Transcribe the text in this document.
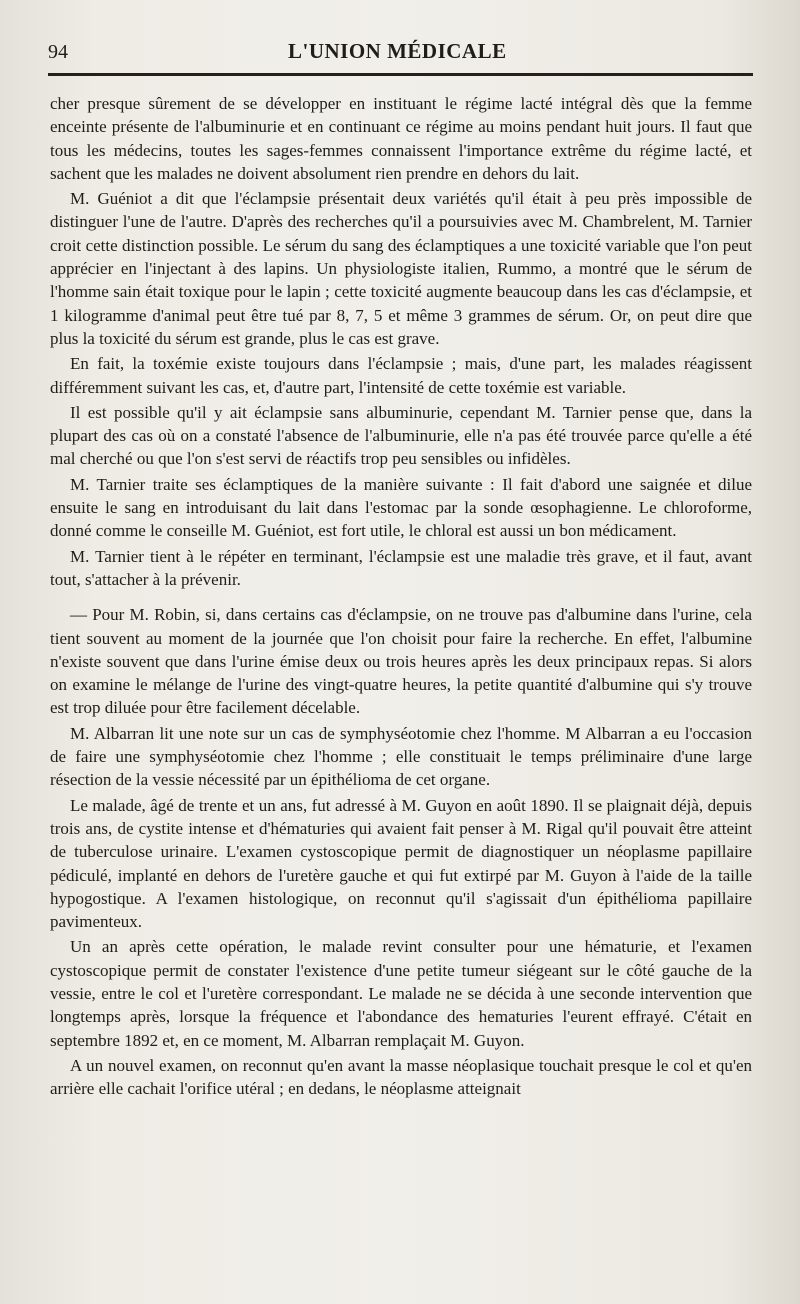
94	L'UNION MÉDICALE

cher presque sûrement de se développer en instituant le régime lacté intégral dès que la femme enceinte présente de l'albuminurie et en continuant ce régime au moins pendant huit jours. Il faut que tous les médecins, toutes les sages-femmes connaissent l'importance extrême du régime lacté, et sachent que les malades ne doivent absolument rien prendre en dehors du lait.

M. Guéniot a dit que l'éclampsie présentait deux variétés qu'il était à peu près impossible de distinguer l'une de l'autre. D'après des recherches qu'il a poursuivies avec M. Chambrelent, M. Tarnier croit cette distinction possible. Le sérum du sang des éclamptiques a une toxicité variable que l'on peut apprécier en l'injectant à des lapins. Un physiologiste italien, Rummo, a montré que le sérum de l'homme sain était toxique pour le lapin ; cette toxicité augmente beaucoup dans les cas d'éclampsie, et 1 kilogramme d'animal peut être tué par 8, 7, 5 et même 3 grammes de sérum. Or, on peut dire que plus la toxicité du sérum est grande, plus le cas est grave.

En fait, la toxémie existe toujours dans l'éclampsie ; mais, d'une part, les malades réagissent différemment suivant les cas, et, d'autre part, l'intensité de cette toxémie est variable.

Il est possible qu'il y ait éclampsie sans albuminurie, cependant M. Tarnier pense que, dans la plupart des cas où on a constaté l'absence de l'albuminurie, elle n'a pas été trouvée parce qu'elle a été mal cherché ou que l'on s'est servi de réactifs trop peu sensibles ou infidèles.

M. Tarnier traite ses éclamptiques de la manière suivante : Il fait d'abord une saignée et dilue ensuite le sang en introduisant du lait dans l'estomac par la sonde œsophagienne. Le chloroforme, donné comme le conseille M. Guéniot, est fort utile, le chloral est aussi un bon médicament.

M. Tarnier tient à le répéter en terminant, l'éclampsie est une maladie très grave, et il faut, avant tout, s'attacher à la prévenir.

— Pour M. Robin, si, dans certains cas d'éclampsie, on ne trouve pas d'albumine dans l'urine, cela tient souvent au moment de la journée que l'on choisit pour faire la recherche. En effet, l'albumine n'existe souvent que dans l'urine émise deux ou trois heures après les deux principaux repas. Si alors on examine le mélange de l'urine des vingt-quatre heures, la petite quantité d'albumine qui s'y trouve est trop diluée pour être facilement décelable.

M. Albarran lit une note sur un cas de symphyséotomie chez l'homme. M Albarran a eu l'occasion de faire une symphyséotomie chez l'homme ; elle constituait le temps préliminaire d'une large résection de la vessie nécessité par un épithélioma de cet organe.

Le malade, âgé de trente et un ans, fut adressé à M. Guyon en août 1890. Il se plaignait déjà, depuis trois ans, de cystite intense et d'hématuries qui avaient fait penser à M. Rigal qu'il pouvait être atteint de tuberculose urinaire. L'examen cystoscopique permit de diagnostiquer un néoplasme papillaire pédiculé, implanté en dehors de l'uretère gauche et qui fut extirpé par M. Guyon à l'aide de la taille hypogostique. A l'examen histologique, on reconnut qu'il s'agissait d'un épithélioma papillaire pavimenteux.

Un an après cette opération, le malade revint consulter pour une hématurie, et l'examen cystoscopique permit de constater l'existence d'une petite tumeur siégeant sur le côté gauche de la vessie, entre le col et l'uretère correspondant. Le malade ne se décida à une seconde intervention que longtemps après, lorsque la fréquence et l'abondance des hematuries l'eurent effrayé. C'était en septembre 1892 et, en ce moment, M. Albarran remplaçait M. Guyon.

A un nouvel examen, on reconnut qu'en avant la masse néoplasique touchait presque le col et qu'en arrière elle cachait l'orifice utéral ; en dedans, le néoplasme atteignait
